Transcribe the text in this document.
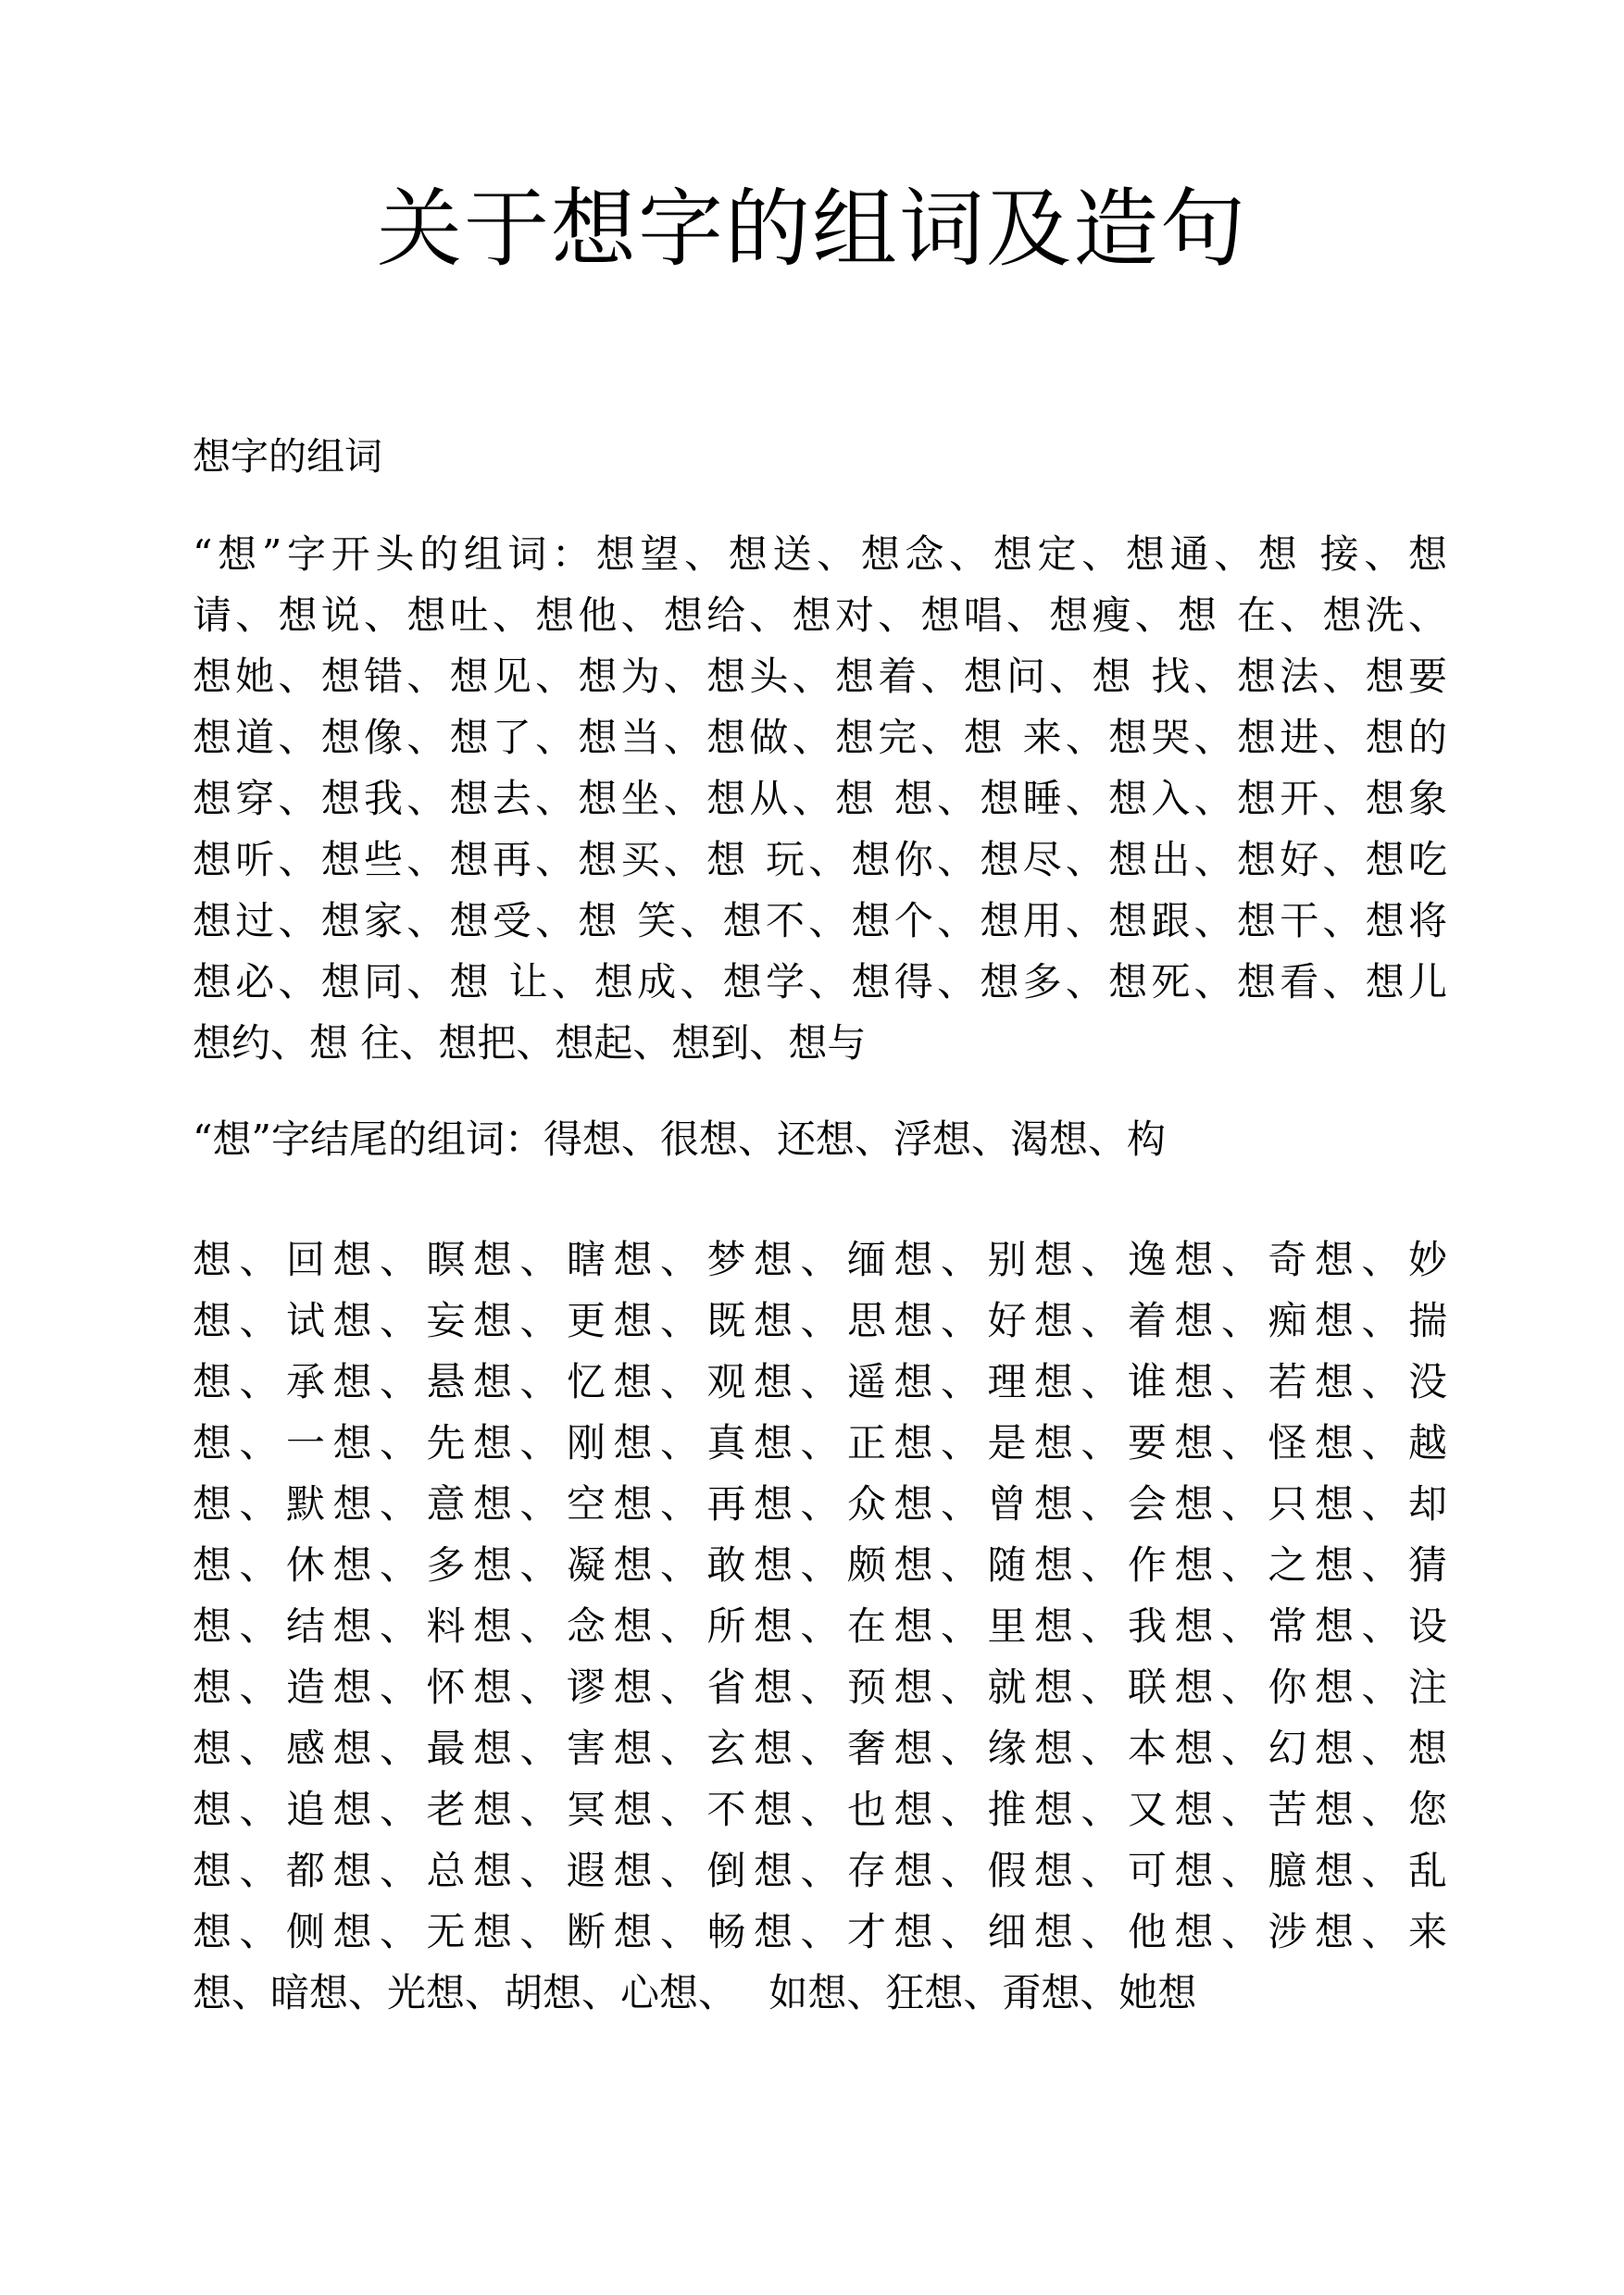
关于想字的组词及造句

想字的组词

“想”字开头的组词：想望、想送、想念、想定、想通、想 接、想
请、想说、想吐、想他、想给、想对、想唱、想瘦、想 在、想洗、
想她、想错、想见、想为、想头、想着、想问、想 找、想法、想要
想道、想像、想了、想当、想做、想完、想 来、想哭、想进、想的
想穿、想我、想去、想坐、想从、想 想、想睡、想入、想开、想象
想听、想些、想再、想买、想 玩、想你、想尽、想出、想好、想吃
想过、想家、想受、想 笑、想不、想个、想用、想跟、想干、想将
想必、想同、想 让、想成、想学、想得、想多、想死、想看、想儿
想约、想 往、想把、想起、想到、想与

“想”字结尾的组词：得想、很想、还想、浮想、渴想、构

想、回想、瞑想、瞎想、梦想、缅想、别想、逸想、奇想、妙
想、试想、妄想、更想、既想、思想、好想、着想、痴想、揣
想、承想、悬想、忆想、观想、遥想、理想、谁想、若想、没
想、一想、先想、刚想、真想、正想、是想、要想、怪想、越
想、默想、意想、空想、再想、众想、曾想、会想、只想、却
想、休想、多想、凝想、敢想、颇想、随想、作想、之想、猜
想、结想、料想、念想、所想、在想、里想、我想、常想、设
想、造想、怀想、谬想、省想、预想、就想、联想、你想、注
想、感想、最想、害想、玄想、奢想、缘想、本想、幻想、想
想、追想、老想、冥想、不想、也想、推想、又想、苦想、您
想、都想、总想、遐想、倒想、存想、假想、可想、臆想、乱
想、侧想、无想、断想、畅想、才想、细想、他想、涉想、来
想、暗想、光想、胡想、心想、　 如想、狂想、甭想、她想
